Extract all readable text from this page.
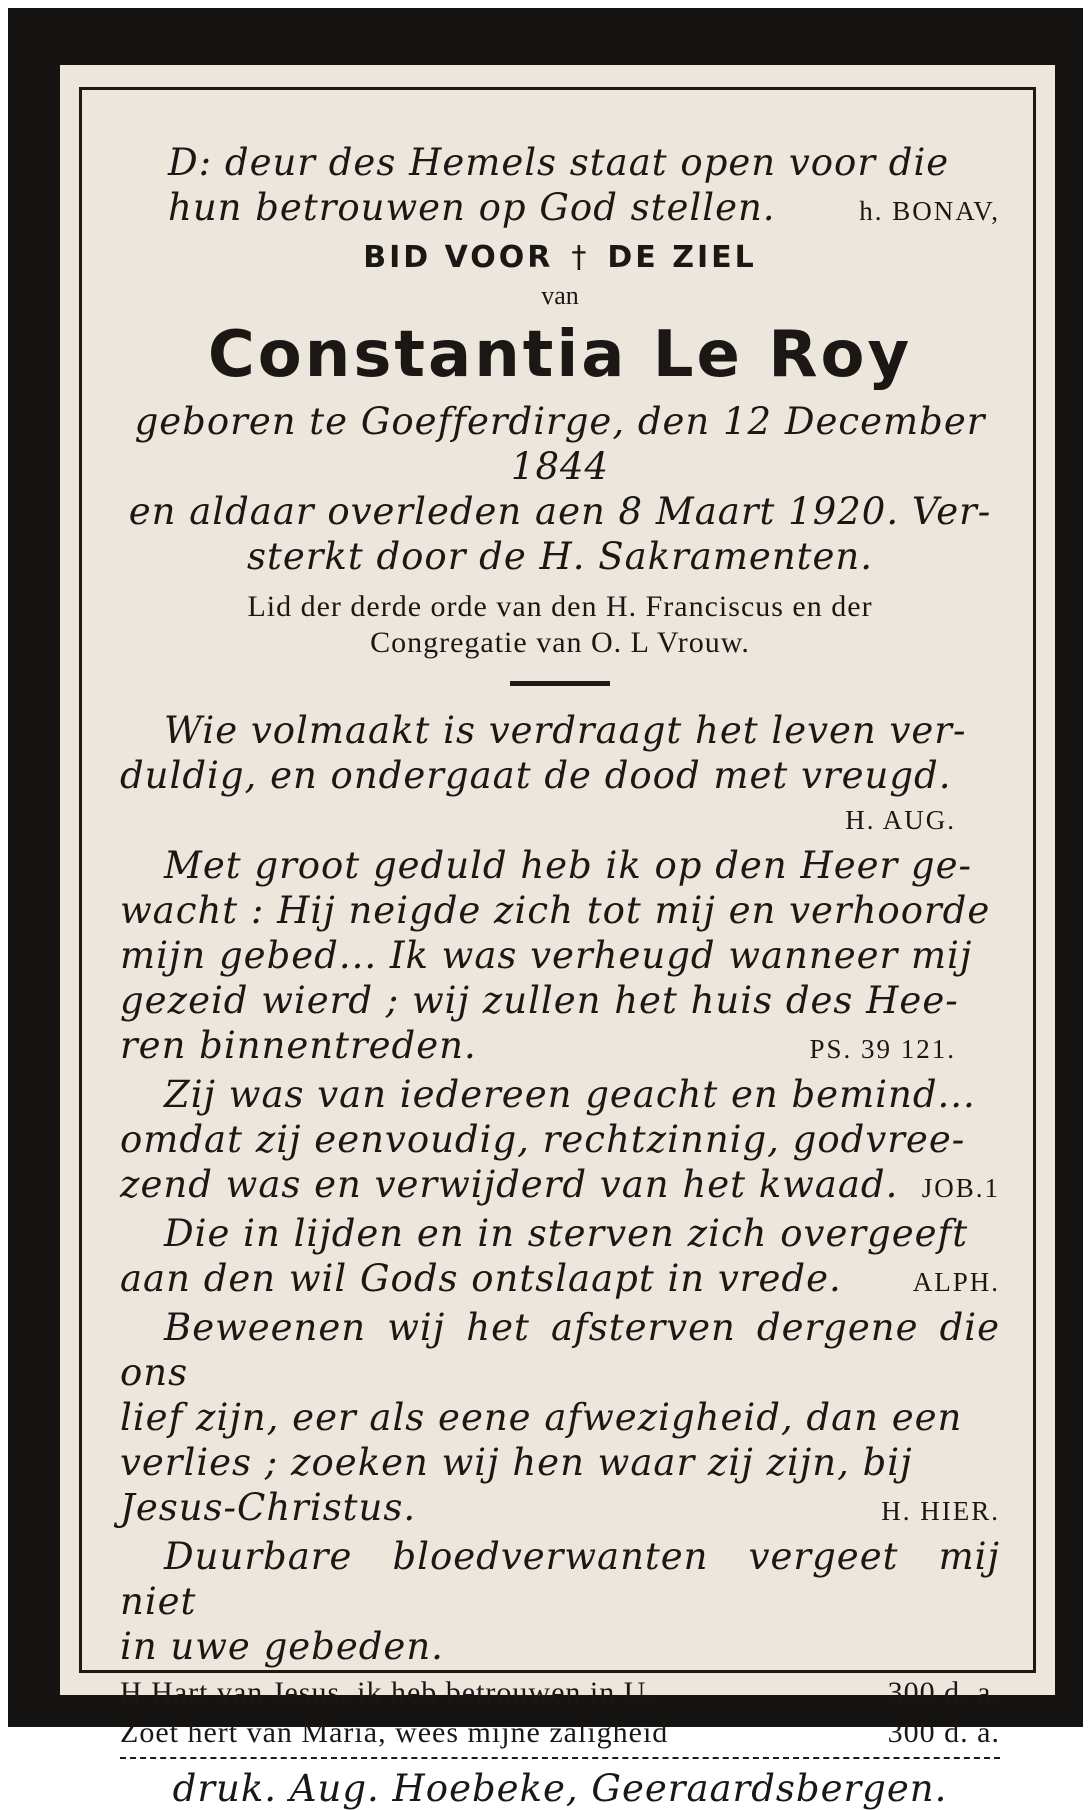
D: deur des Hemels staat open voor die
hun betrouwen op God stellen.	h. BONAV,
BID VOOR † DE ZIEL
van
Constantia Le Roy
geboren te Goefferdirge, den 12 December 1844
en aldaar overleden aen 8 Maart 1920. Ver-
sterkt door de H. Sakramenten.
Lid der derde orde van den H. Franciscus en der
Congregatie van O. L Vrouw.
Wie volmaakt is verdraagt het leven ver-
duldig, en ondergaat de dood met vreugd.
H. AUG.
Met groot geduld heb ik op den Heer ge-
wacht : Hij neigde zich tot mij en verhoorde
mijn gebed... Ik was verheugd wanneer mij
gezeid wierd ; wij zullen het huis des Hee-
ren binnentreden.	PS. 39 121.
Zij was van iedereen geacht en bemind...
omdat zij eenvoudig, rechtzinnig, godvree-
zend was en verwijderd van het kwaad. JOB.1
Die in lijden en in sterven zich overgeeft
aan den wil Gods ontslaapt in vrede.	ALPH.
Beweenen wij het afsterven dergene die ons
lief zijn, eer als eene afwezigheid, dan een
verlies ; zoeken wij hen waar zij zijn, bij
Jesus-Christus.	H. HIER.
Duurbare bloedverwanten vergeet mij niet
in uwe gebeden.
H Hart van Jesus, ik heb betrouwen in U.	300 d. a.
Zoet hert van Maria, wees mijne zaligheid	300 d. a.
druk. Aug. Hoebeke, Geeraardsbergen.
